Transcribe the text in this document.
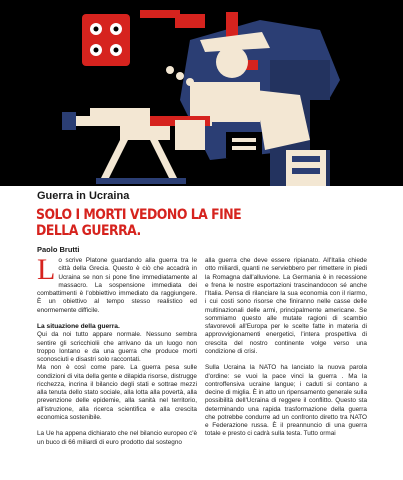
Guerra in Ucraina
SOLO I MORTI VEDONO LA FINE
DELLA GUERRA.
Paolo Brutti

Lo scrive Platone guardando alla guerra tra le città della Grecia. Questo è ciò che accadrà in Ucraina se non si pone fine immediatamente al massacro. La sospensione immediata dei combattimenti è l'obbiettivo immediato da raggiungere. È un obiettivo al tempo stesso realistico ed enormemente difficile.

La situazione della guerra.

Qui da noi tutto appare normale. Nessuno sembra sentire gli scricchiolii che arrivano da un luogo non troppo lontano e da una guerra che produce morti sconosciuti e disastri solo raccontati.

Ma non è così come pare. La guerra pesa sulle condizioni di vita della gente e dilapida risorse, distrugge ricchezza, incrina il bilancio degli stati e sottrae mezzi alla tenuta dello stato sociale, alla lotta alla povertà, alla prevenzione delle epidemie, alla sanità nel territorio, all'istruzione, alla ricerca scientifica e alla crescita economica sostenibile.

La Ue ha appena dichiarato che nel bilancio europeo c'è un buco di 66 miliardi di euro prodotto dal sostegno

alla guerra che deve essere ripianato. All'Italia chiede otto miliardi, quanti ne serviebbero per rimettere in piedi la Romagna dall'alluvione. La Germania è in recessione e frena le nostre esportazioni trascinandocon sé anche l'Italia. Pensa di rilanciare la sua economia con il riarmo, i cui costi sono risorse che finiranno nelle casse delle multinazionali delle armi, principalmente americane. Se sommiamo questo alle mutate ragioni di scambio sfavorevoli all'Europa per le scelte fatte in materia di approvvigionamenti energetici, l'intera prospettiva di crescita del nostro continente volge verso una condizione di crisi.

Sulla Ucraina la NATO ha lanciato la nuova parola d'ordine: se vuoi la pace vinci la guerra . Ma la controffensiva ucraine langue; i caduti si contano a decine di miglia. È in atto un ripensamento generale sulla possibilità dell'Ucraina di reggere il conflitto. Questo sta determinando una rapida trasformazione della guerra che potrebbe condurre ad un confronto diretto tra NATO e Federazione russa. È il preannuncio di una guerra totale e presto ci cadrà sulla testa. Tutto ormai
